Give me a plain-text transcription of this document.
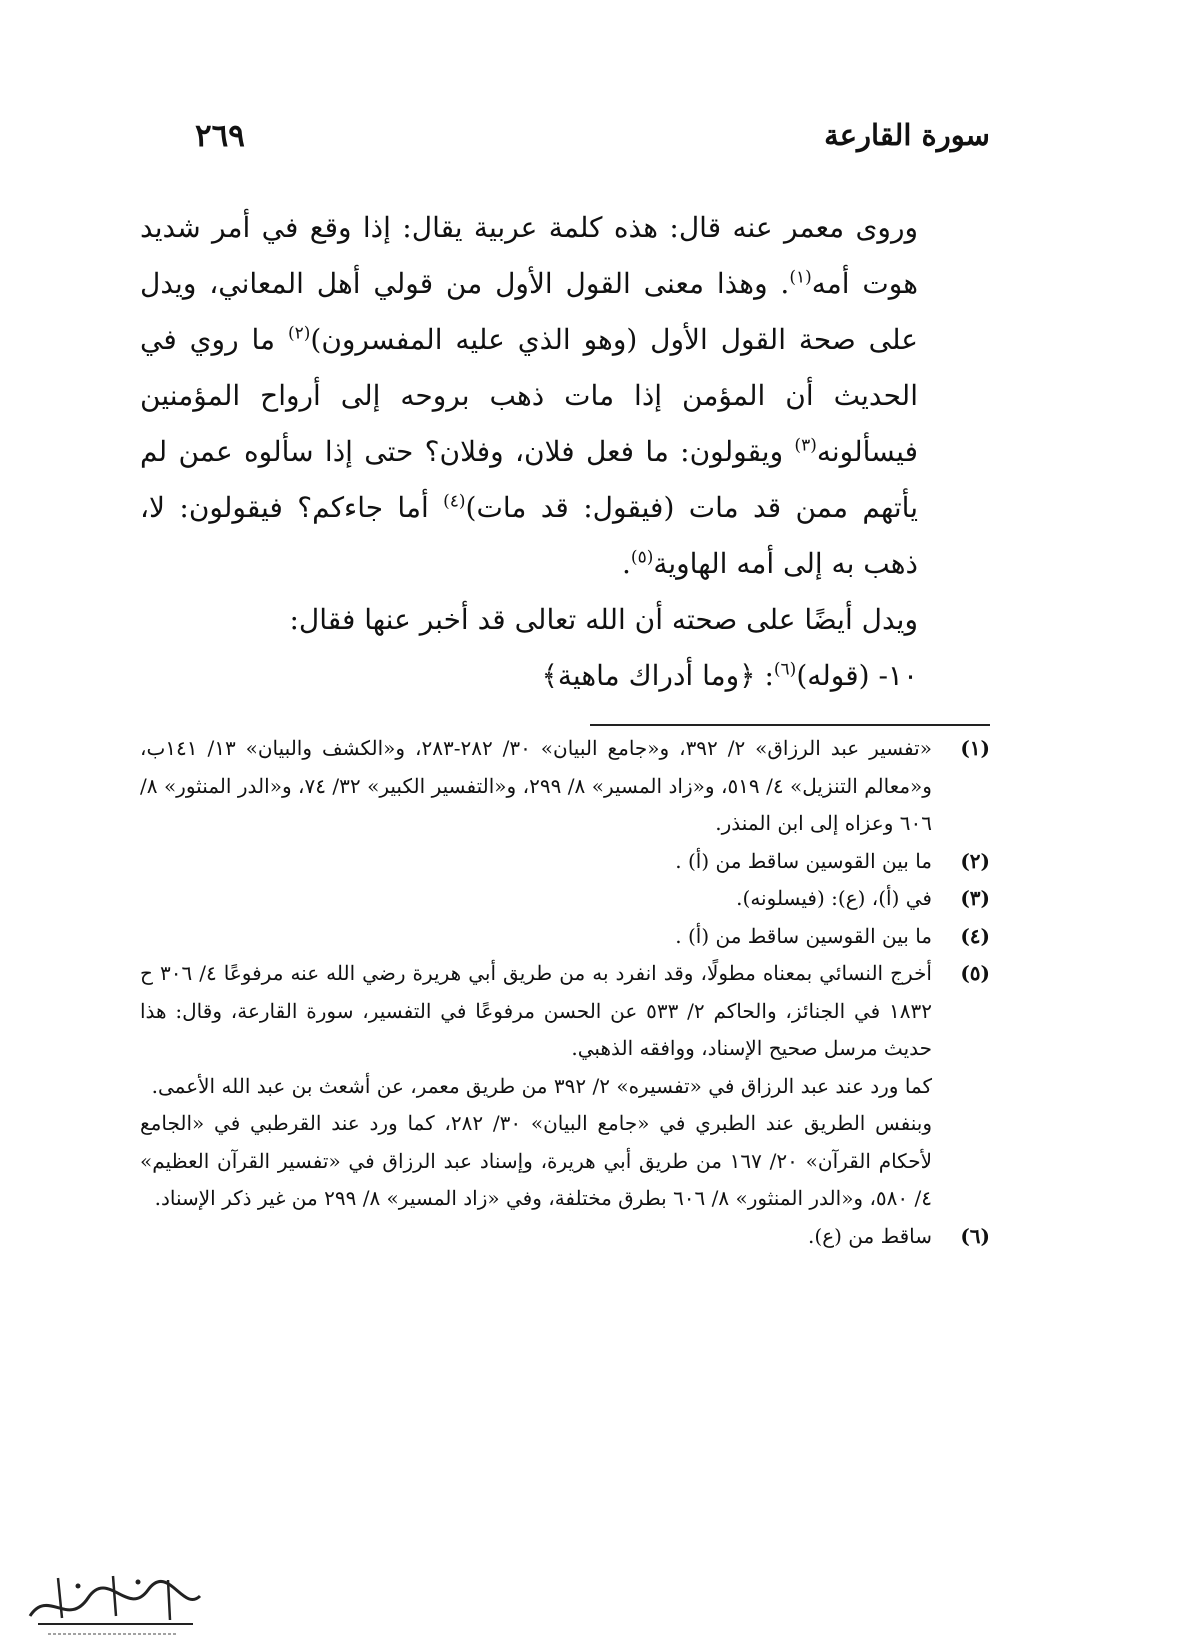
سورة القارعة
٢٦٩

وروى معمر عنه قال: هذه كلمة عربية يقال: إذا وقع في أمر شديد هوت أمه$^{(١)}$. وهذا معنى القول الأول من قولي أهل المعاني، ويدل على صحة القول الأول (وهو الذي عليه المفسرون)$^{(٢)}$ ما روي في الحديث أن المؤمن إذا مات ذهب بروحه إلى أرواح المؤمنين فيسألونه$^{(٣)}$ ويقولون: ما فعل فلان، وفلان؟ حتى إذا سألوه عمن لم يأتهم ممن قد مات (فيقول: قد مات)$^{(٤)}$ أما جاءكم؟ فيقولون: لا، ذهب به إلى أمه الهاوية$^{(٥)}$.

ويدل أيضًا على صحته أن الله تعالى قد أخبر عنها فقال:

١٠- (قوله)$^{(٦)}$: ﴿وما أدراك ماهية﴾

(١)

«تفسير عبد الرزاق» ٢/ ٣٩٢، و«جامع البيان» ٣٠/ ٢٨٢-٢٨٣، و«الكشف والبيان» ١٣/ ١٤١ب، و«معالم التنزيل» ٤/ ٥١٩، و«زاد المسير» ٨/ ٢٩٩، و«التفسير الكبير» ٣٢/ ٧٤، و«الدر المنثور» ٨/ ٦٠٦ وعزاه إلى ابن المنذر.

(٢)

ما بين القوسين ساقط من (أ) .

(٣)

في (أ)، (ع): (فيسلونه).

(٤)

ما بين القوسين ساقط من (أ) .

(٥)

أخرج النسائي بمعناه مطولًا، وقد انفرد به من طريق أبي هريرة رضي الله عنه مرفوعًا ٤/ ٣٠٦ ح ١٨٣٢ في الجنائز، والحاكم ٢/ ٥٣٣ عن الحسن مرفوعًا في التفسير، سورة القارعة، وقال: هذا حديث مرسل صحيح الإسناد، ووافقه الذهبي.

كما ورد عند عبد الرزاق في «تفسيره» ٢/ ٣٩٢ من طريق معمر، عن أشعث بن عبد الله الأعمى.

وبنفس الطريق عند الطبري في «جامع البيان» ٣٠/ ٢٨٢، كما ورد عند القرطبي في «الجامع لأحكام القرآن» ٢٠/ ١٦٧ من طريق أبي هريرة، وإسناد عبد الرزاق في «تفسير القرآن العظيم» ٤/ ٥٨٠، و«الدر المنثور» ٨/ ٦٠٦ بطرق مختلفة، وفي «زاد المسير» ٨/ ٢٩٩ من غير ذكر الإسناد.

(٦)

ساقط من (ع).
